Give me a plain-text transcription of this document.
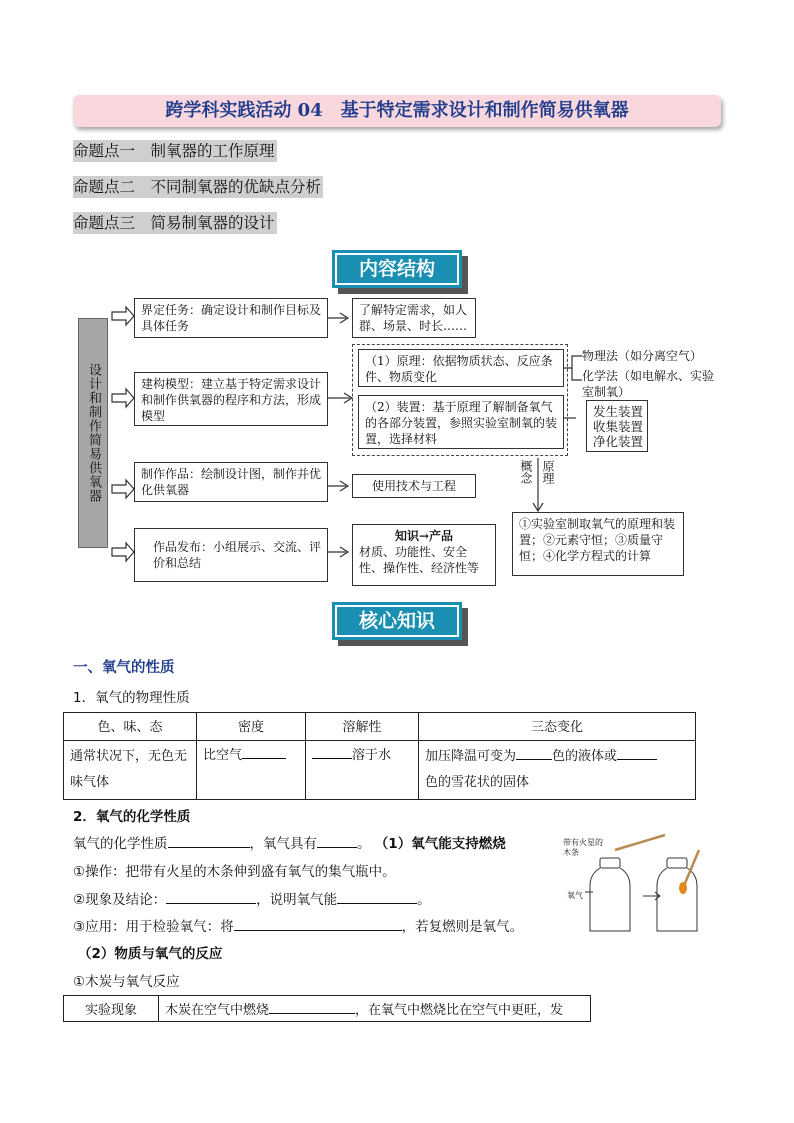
跨学科实践活动 04　基于特定需求设计和制作简易供氧器
命题点一　制氧器的工作原理
命题点二　不同制氧器的优缺点分析
命题点三　简易制氧器的设计
内容结构
设计和制作简易供氧器
界定任务：确定设计和制作目标及具体任务
了解特定需求，如人群、场景、时长……
建构模型：建立基于特定需求设计和制作供氧器的程序和方法，形成模型
（1）原理：依据物质状态、反应条件、物质变化
（2）装置：基于原理了解制备氧气的各部分装置，参照实验室制氧的装置，选择材料
物理法（如分离空气）
化学法（如电解水、实验室制氧）
发生装置
收集装置
净化装置
制作作品：绘制设计图，制作并优化供氧器	使用技术与工程
概念 原理
①实验室制取氧气的原理和装置；②元素守恒；③质量守恒；④化学方程式的计算
作品发布：小组展示、交流、评价和总结
知识→产品
材质、功能性、安全性、操作性、经济性等
核心知识
一、氧气的性质
1．氧气的物理性质
色、味、态	密度	溶解性	三态变化
通常状况下，无色无味气体	比空气	溶于水	加压降温可变为 色的液体或
色的雪花状的固体
2．氧气的化学性质
氧气的化学性质	，氧气具有	。 （1）氧气能支持燃烧
①操作：把带有火星的木条伸到盛有氧气的集气瓶中。
②现象及结论：	，说明氧气能	。
③应用：用于检验氧气：将	，若复燃则是氧气。
（2）物质与氧气的反应
①木炭与氧气反应
实验现象	木炭在空气中燃烧	，在氧气中燃烧比在空气中更旺，发
带有火星的木条
氧气
